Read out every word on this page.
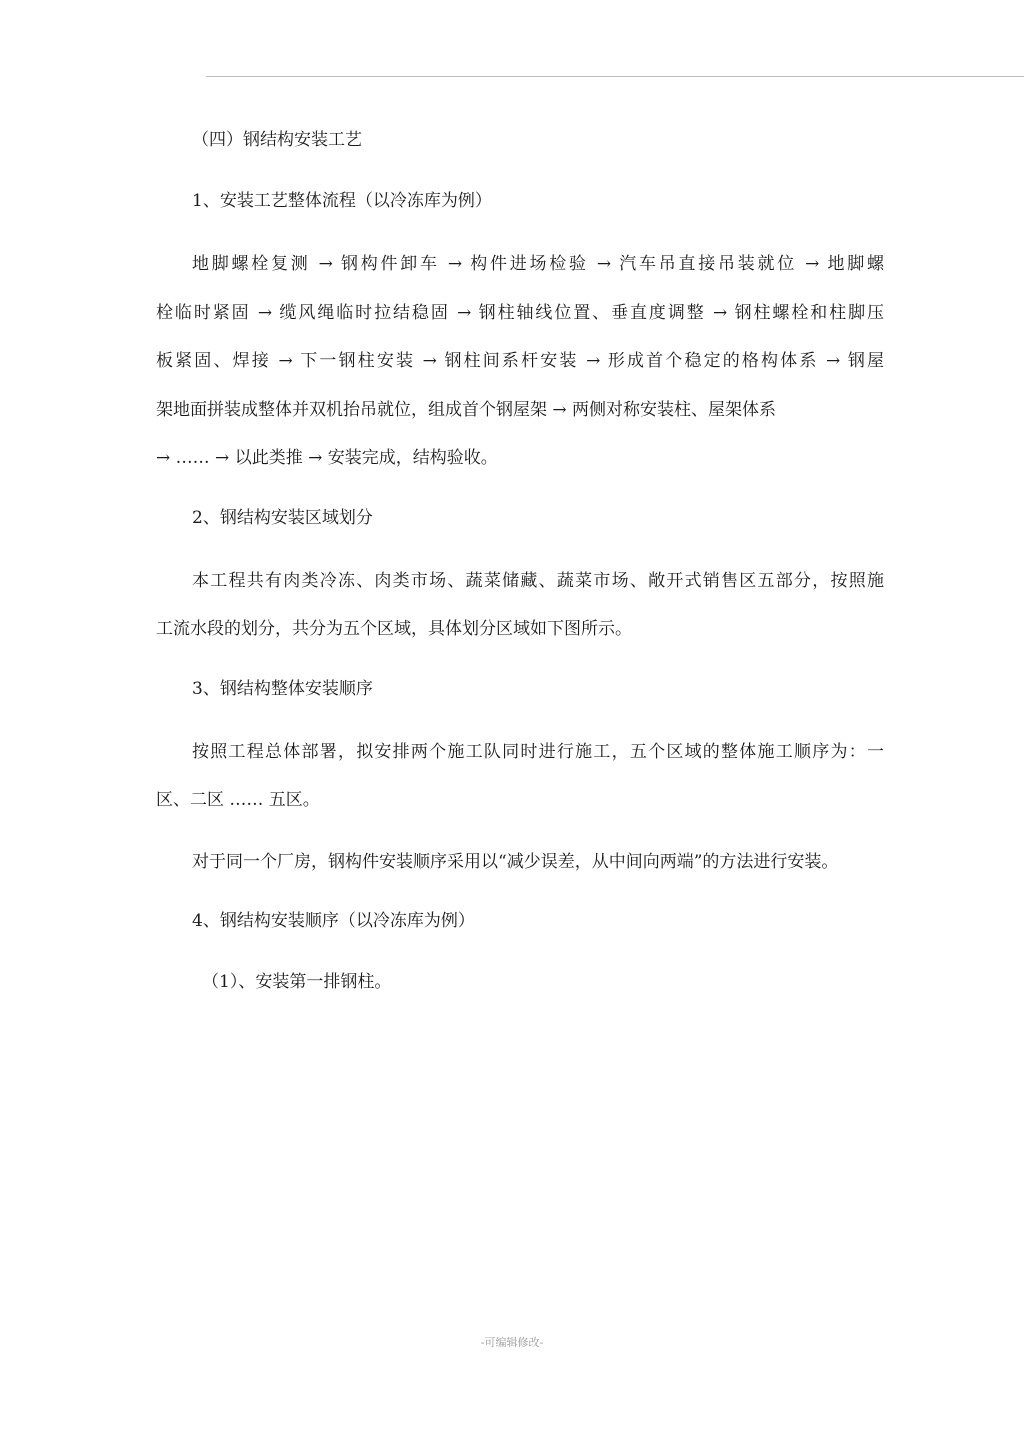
（四）钢结构安装工艺
1、安装工艺整体流程（以冷冻库为例）
地脚螺栓复测 → 钢构件卸车 → 构件进场检验 → 汽车吊直接吊装就位 → 地脚螺
栓临时紧固 → 缆风绳临时拉结稳固 → 钢柱轴线位置、垂直度调整 → 钢柱螺栓和柱脚压
板紧固、焊接 → 下一钢柱安装 → 钢柱间系杆安装 → 形成首个稳定的格构体系 → 钢屋
架地面拼装成整体并双机抬吊就位，组成首个钢屋架 → 两侧对称安装柱、屋架体系
→ …… → 以此类推 → 安装完成，结构验收。
2、钢结构安装区域划分
本工程共有肉类冷冻、肉类市场、蔬菜储藏、蔬菜市场、敞开式销售区五部分，按照施
工流水段的划分，共分为五个区域，具体划分区域如下图所示。
3、钢结构整体安装顺序
按照工程总体部署，拟安排两个施工队同时进行施工，五个区域的整体施工顺序为：一
区、二区 …… 五区。
对于同一个厂房，钢构件安装顺序采用以“减少误差，从中间向两端”的方法进行安装。
4、钢结构安装顺序（以冷冻库为例）
（1）、安装第一排钢柱。
-可编辑修改-
